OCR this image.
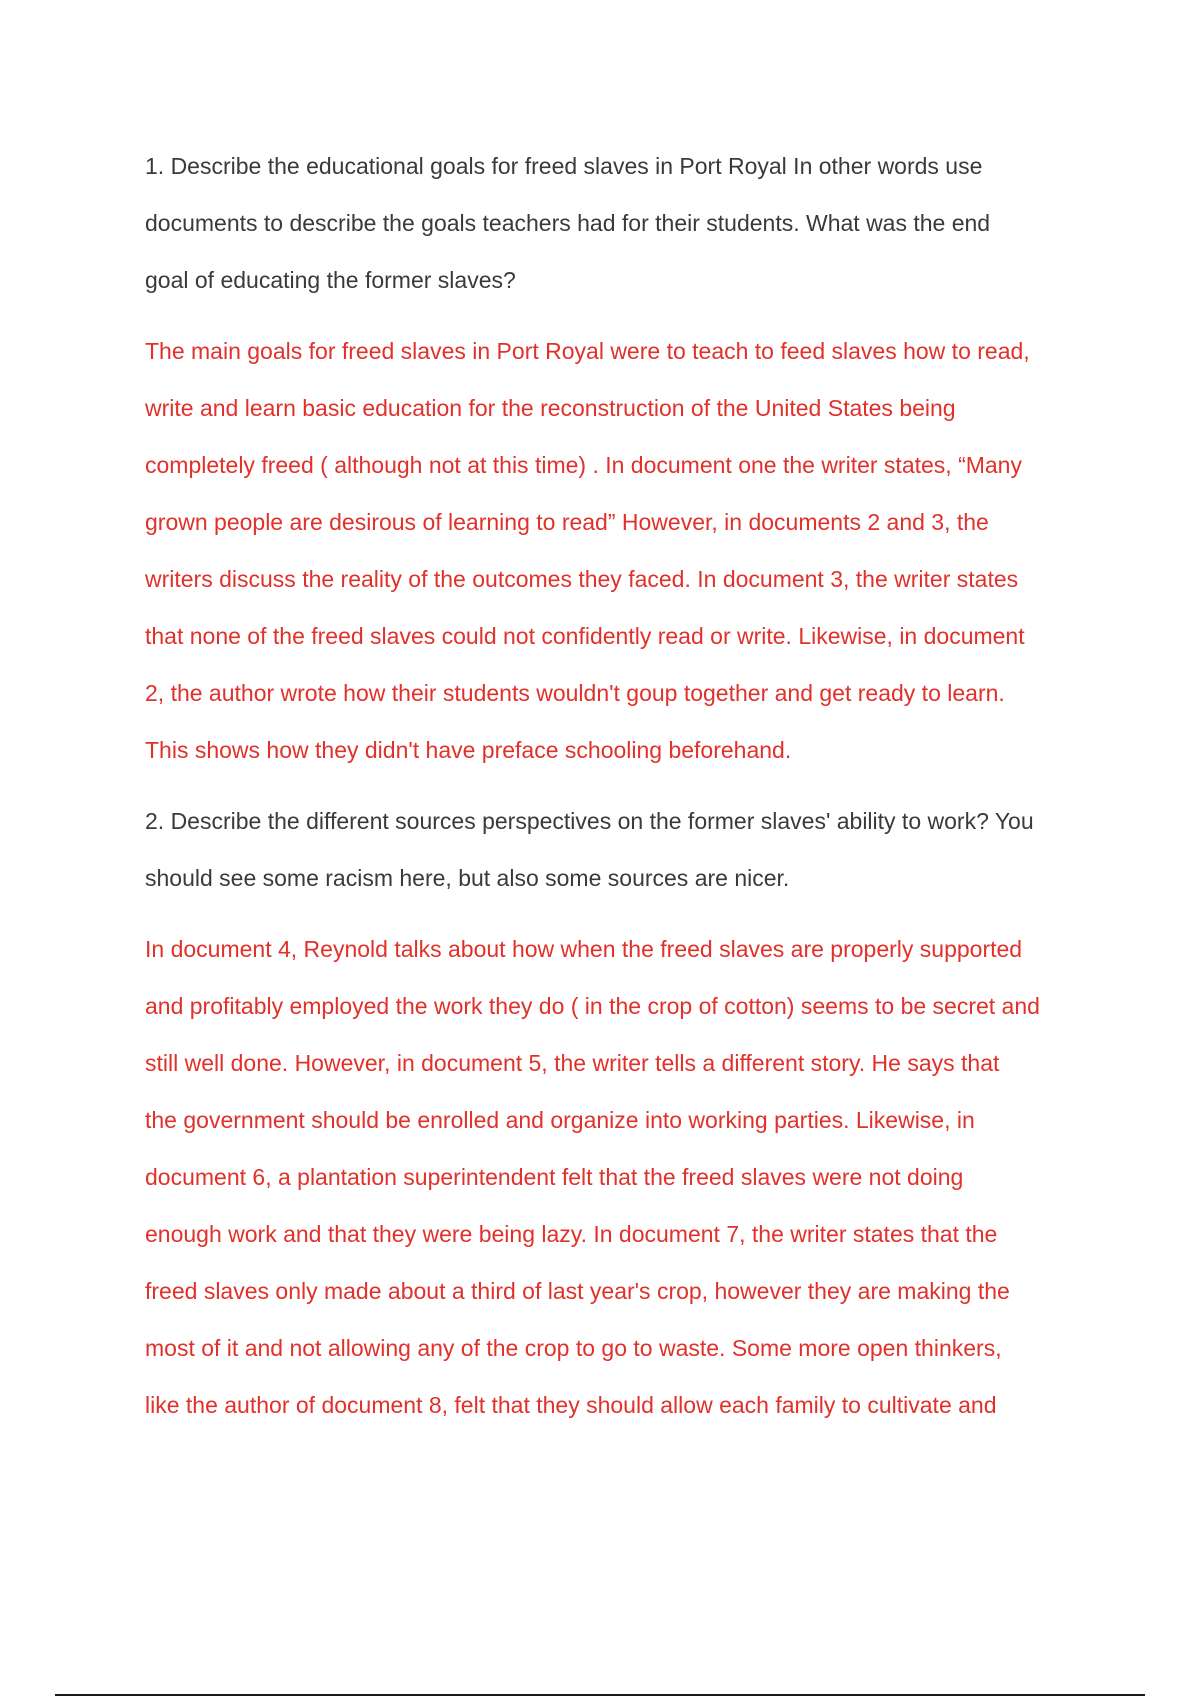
1. Describe the educational goals for freed slaves in Port Royal In other words use
documents to describe the goals teachers had for their students. What was the end
goal of educating the former slaves?
The main goals for freed slaves in Port Royal were to teach to feed slaves how to read,
write and learn basic education for the reconstruction of the United States being
completely freed ( although not at this time) . In document one the writer states, “Many
grown people are desirous of learning to read” However, in documents 2 and 3, the
writers discuss the reality of the outcomes they faced. In document 3, the writer states
that none of the freed slaves could not confidently read or write. Likewise, in document
2, the author wrote how their students wouldn't goup together and get ready to learn.
This shows how they didn't have preface schooling beforehand.
2. Describe the different sources perspectives on the former slaves' ability to work? You
should see some racism here, but also some sources are nicer.
In document 4, Reynold talks about how when the freed slaves are properly supported
and profitably employed the work they do ( in the crop of cotton) seems to be secret and
still well done. However, in document 5, the writer tells a different story. He says that
the government should be enrolled and organize into working parties. Likewise, in
document 6, a plantation superintendent felt that the freed slaves were not doing
enough work and that they were being lazy. In document 7, the writer states that the
freed slaves only made about a third of last year's crop, however they are making the
most of it and not allowing any of the crop to go to waste. Some more open thinkers,
like the author of document 8, felt that they should allow each family to cultivate and
